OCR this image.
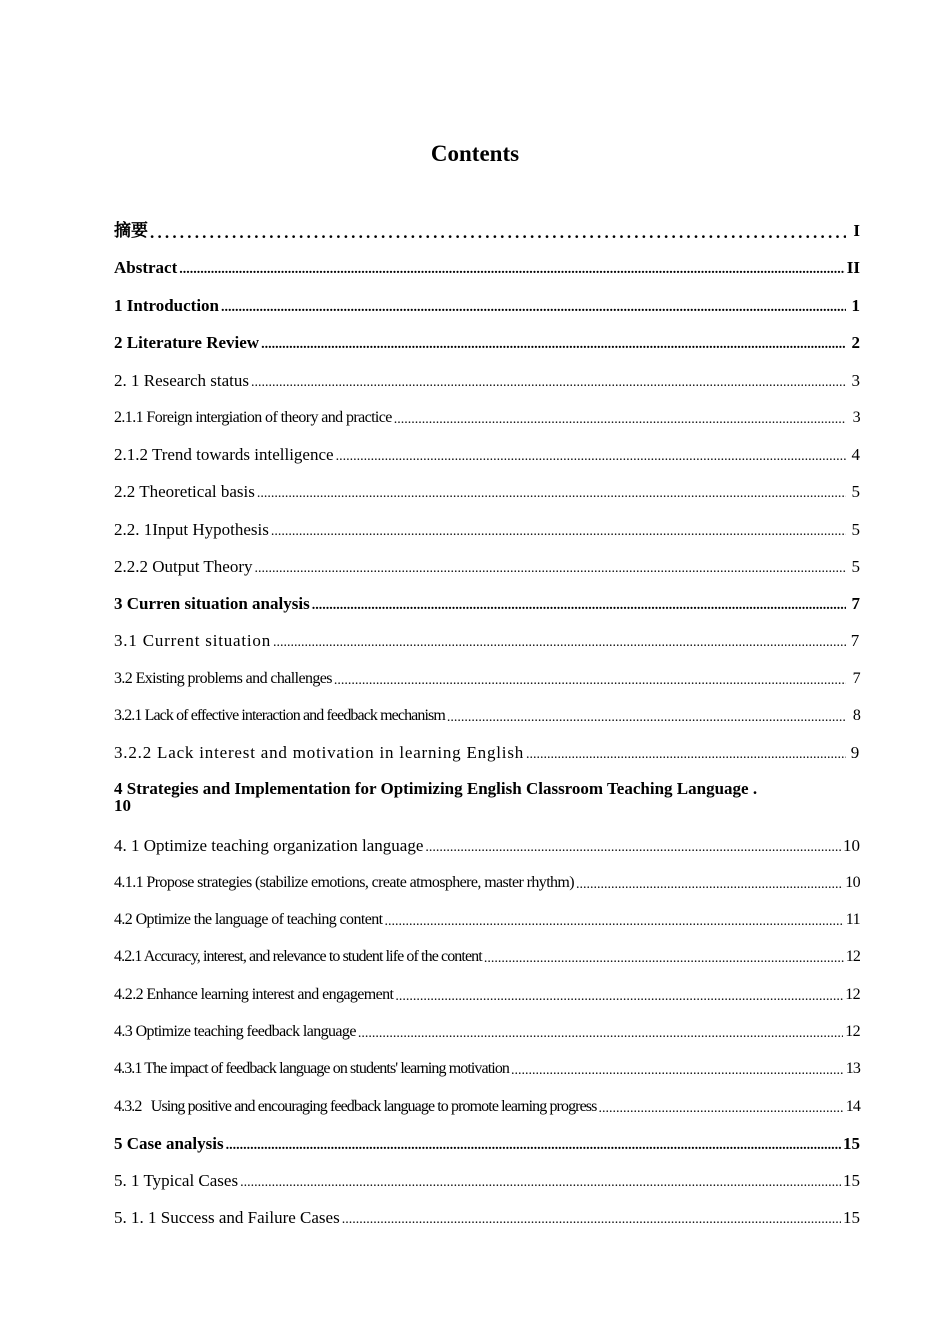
Contents
摘要 .....	I
Abstract .....	II
1 Introduction .....	1
2 Literature Review .....	2
2. 1 Research status .....	3
2.1.1 Foreign intergiation of theory and practice .....	3
2.1.2 Trend towards intelligence .....	4
2.2 Theoretical basis .....	5
2.2. 1Input Hypothesis .....	5
2.2.2 Output Theory .....	5
3 Curren situation analysis .....	7
3.1 Current situation .....	7
3.2 Existing problems and challenges .....	7
3.2.1 Lack of effective interaction and feedback mechanism .....	8
3.2.2 Lack interest and motivation in learning English .....	9
4 Strategies and Implementation for Optimizing English Classroom Teaching Language .
10
4. 1 Optimize teaching organization language .....	10
4.1.1 Propose strategies (stabilize emotions, create atmosphere, master rhythm) .....	10
4.2 Optimize the language of teaching content .....	11
4.2.1 Accuracy, interest, and relevance to student life of the content .....	12
4.2.2 Enhance learning interest and engagement .....	12
4.3 Optimize teaching feedback language .....	12
4.3.1 The impact of feedback language on students' learning motivation .....	13
4.3.2   Using positive and encouraging feedback language to promote learning progress .....	14
5 Case analysis .....	15
5. 1 Typical Cases .....	15
5. 1. 1 Success and Failure Cases .....	15
